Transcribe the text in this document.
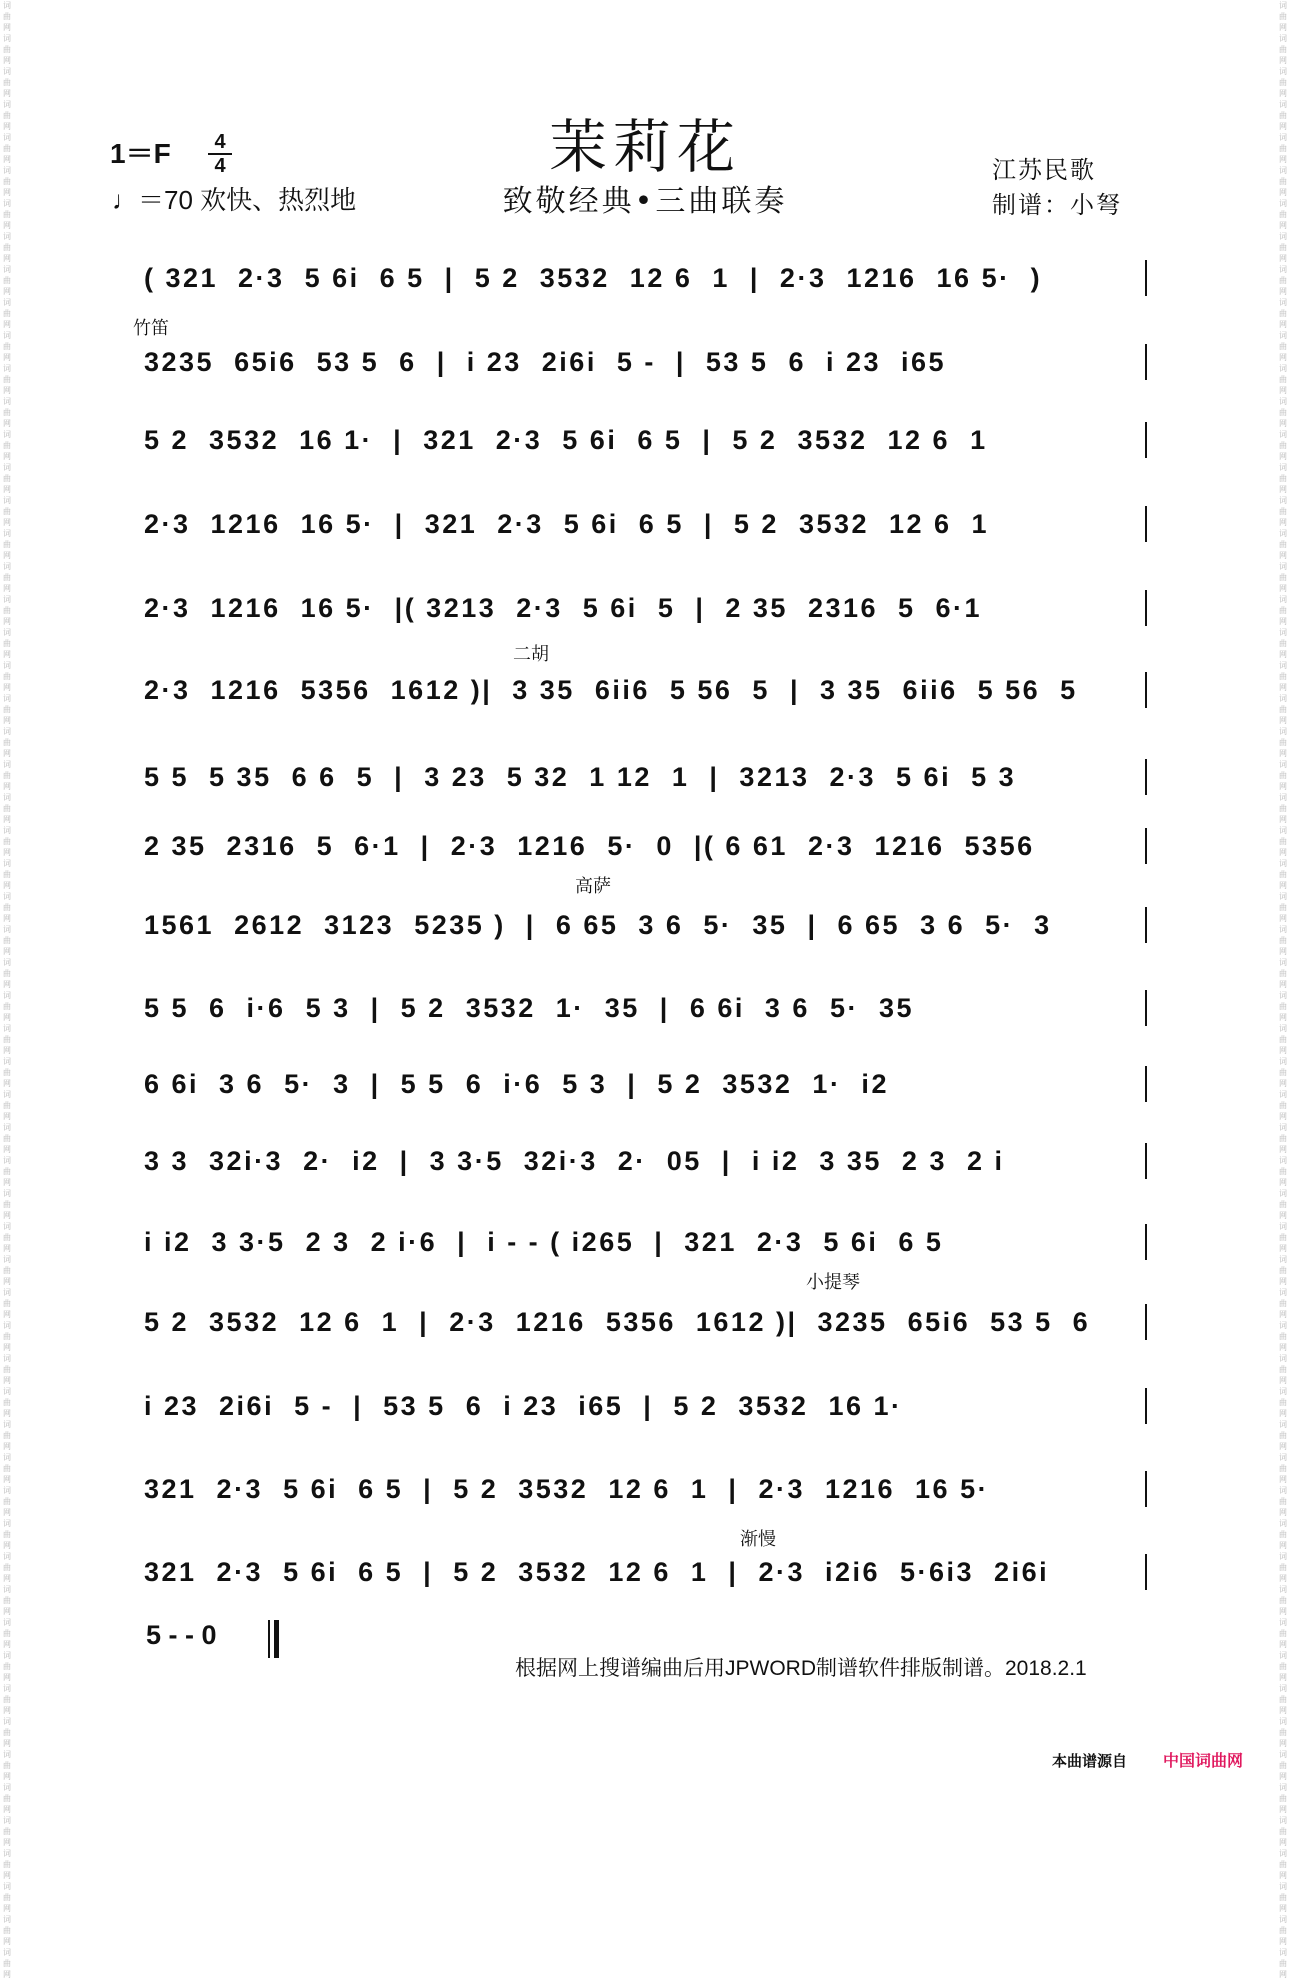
词曲网词曲网词曲网词曲网词曲网词曲网词曲网词曲网词曲网词曲网词曲网词曲网词曲网词曲网词曲网词曲网词曲网词曲网词曲网词曲网词曲网词曲网词曲网词曲网词曲网词曲网词曲网词曲网词曲网词曲网词曲网词曲网词曲网词曲网词曲网词曲网词曲网词曲网词曲网词曲网词曲网词曲网词曲网词曲网词曲网词曲网词曲网词曲网词曲网词曲网词曲网词曲网词曲网词曲网词曲网词曲网词曲网词曲网词曲网词曲网
词曲网词曲网词曲网词曲网词曲网词曲网词曲网词曲网词曲网词曲网词曲网词曲网词曲网词曲网词曲网词曲网词曲网词曲网词曲网词曲网词曲网词曲网词曲网词曲网词曲网词曲网词曲网词曲网词曲网词曲网词曲网词曲网词曲网词曲网词曲网词曲网词曲网词曲网词曲网词曲网词曲网词曲网词曲网词曲网词曲网词曲网词曲网词曲网词曲网词曲网词曲网词曲网词曲网词曲网词曲网词曲网词曲网词曲网词曲网词曲网
1＝F	4
4
♩＝70 欢快、热烈地
茉莉花
致敬经典•三曲联奏
江苏民歌
制谱：小弩
( 321  2·3  5 6i  6 5  |  5 2  3532  12 6  1  |  2·3  1216  16 5·  )
3235  65i6  53 5  6  |  i 23  2i6i  5 -  |  53 5  6  i 23  i65
5 2  3532  16 1·  |  321  2·3  5 6i  6 5  |  5 2  3532  12 6  1
2·3  1216  16 5·  |  321  2·3  5 6i  6 5  |  5 2  3532  12 6  1
2·3  1216  16 5·  |( 3213  2·3  5 6i  5  |  2 35  2316  5  6·1
2·3  1216  5356  1612 )|  3 35  6ii6  5 56  5  |  3 35  6ii6  5 56  5
5 5  5 35  6 6  5  |  3 23  5 32  1 12  1  |  3213  2·3  5 6i  5 3
2 35  2316  5  6·1  |  2·3  1216  5·  0  |( 6 61  2·3  1216  5356
1561  2612  3123  5235 )  |  6 65  3 6  5·  35  |  6 65  3 6  5·  3
5 5  6  i·6  5 3  |  5 2  3532  1·  35  |  6 6i  3 6  5·  35
6 6i  3 6  5·  3  |  5 5  6  i·6  5 3  |  5 2  3532  1·  i2
3 3  32i·3  2·  i2  |  3 3·5  32i·3  2·  05  |  i i2  3 35  2 3  2 i
i i2  3 3·5  2 3  2 i·6  |  i - - ( i265  |  321  2·3  5 6i  6 5
5 2  3532  12 6  1  |  2·3  1216  5356  1612 )|  3235  65i6  53 5  6
i 23  2i6i  5 -  |  53 5  6  i 23  i65  |  5 2  3532  16 1·
321  2·3  5 6i  6 5  |  5 2  3532  12 6  1  |  2·3  1216  16 5·
321  2·3  5 6i  6 5  |  5 2  3532  12 6  1  |  2·3  i2i6  5·6i3  2i6i
竹笛
二胡
高萨
小提琴
渐慢
5 - - 0
根据网上搜谱编曲后用JPWORD制谱软件排版制谱。2018.2.1
本曲谱源自 中国词曲网
